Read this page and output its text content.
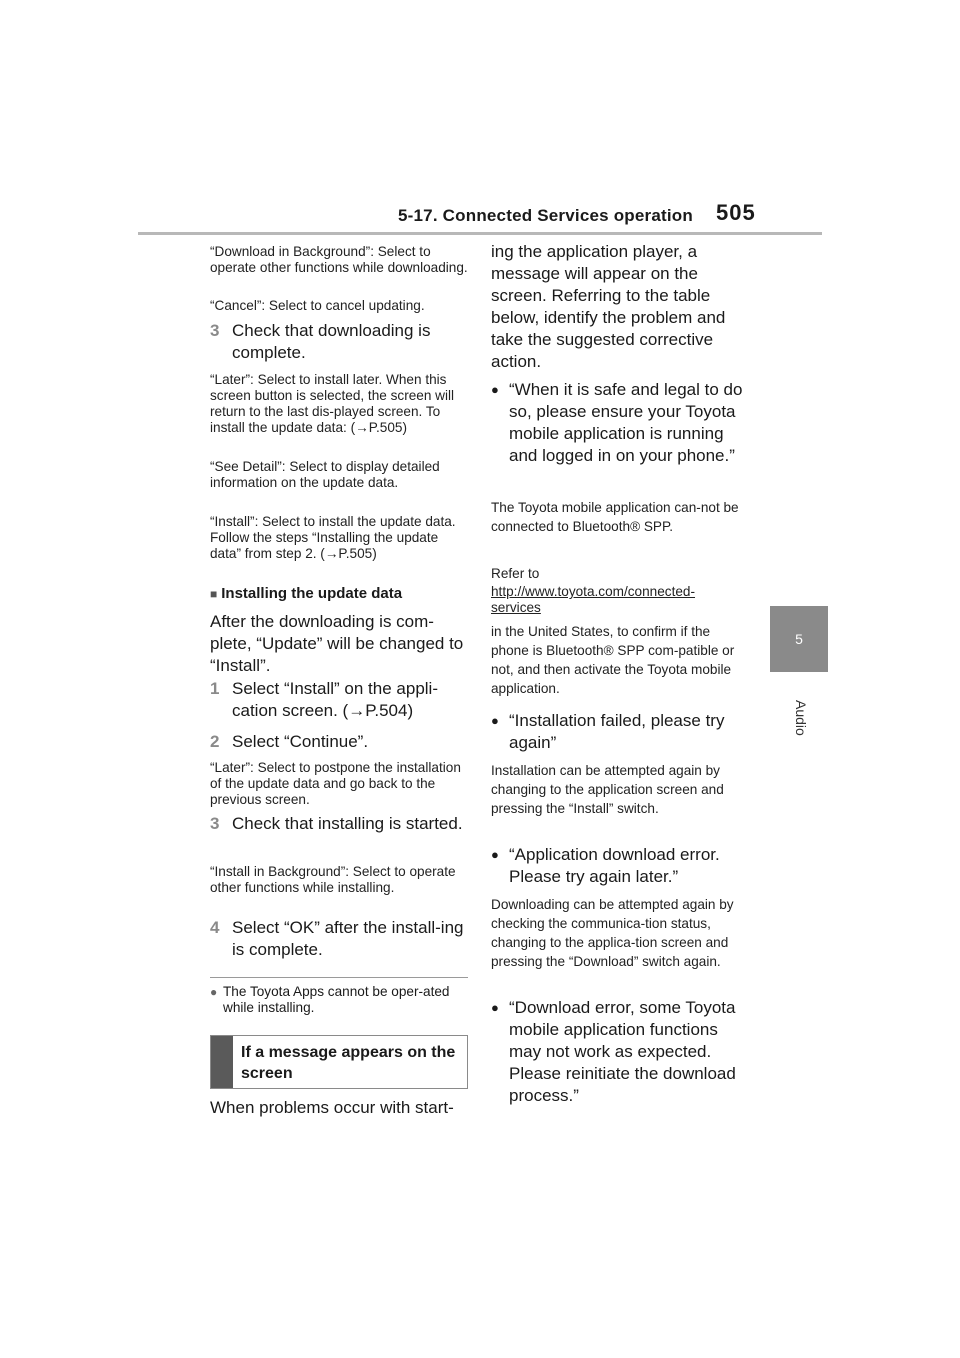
5-17. Connected Services operation 505
5
Audio

“Download in Background”: Select to operate other functions while downloading.

“Cancel”: Select to cancel updating.

3 Check that downloading is complete.

“Later”: Select to install later. When this screen button is selected, the screen will return to the last dis-played screen. To install the update data: (→P.505)

“See Detail”: Select to display detailed information on the update data.

“Install”: Select to install the update data. Follow the steps “Installing the update data” from step 2. (→P.505)

■ Installing the update data

After the downloading is com-plete, “Update” will be changed to “Install”.

1 Select “Install” on the appli-cation screen. (→P.504)
2 Select “Continue”.

“Later”: Select to postpone the installation of the update data and go back to the previous screen.

3 Check that installing is started.

“Install in Background”: Select to operate other functions while installing.

4 Select “OK” after the install-ing is complete.
● The Toyota Apps cannot be oper-ated while installing.
If a message appears on the screen

When problems occur with start-

ing the application player, a message will appear on the screen. Referring to the table below, identify the problem and take the suggested corrective action.

● “When it is safe and legal to do so, please ensure your Toyota mobile application is running and logged in on your phone.”

The Toyota mobile application can-not be connected to Bluetooth® SPP.

Refer to

http://www.toyota.com/connected-services

in the United States, to confirm if the phone is Bluetooth® SPP com-patible or not, and then activate the Toyota mobile application.

● “Installation failed, please try again”

Installation can be attempted again by changing to the application screen and pressing the “Install” switch.

● “Application download error. Please try again later.”

Downloading can be attempted again by checking the communica-tion status, changing to the applica-tion screen and pressing the “Download” switch again.

● “Download error, some Toyota mobile application functions may not work as expected. Please reinitiate the download process.”
